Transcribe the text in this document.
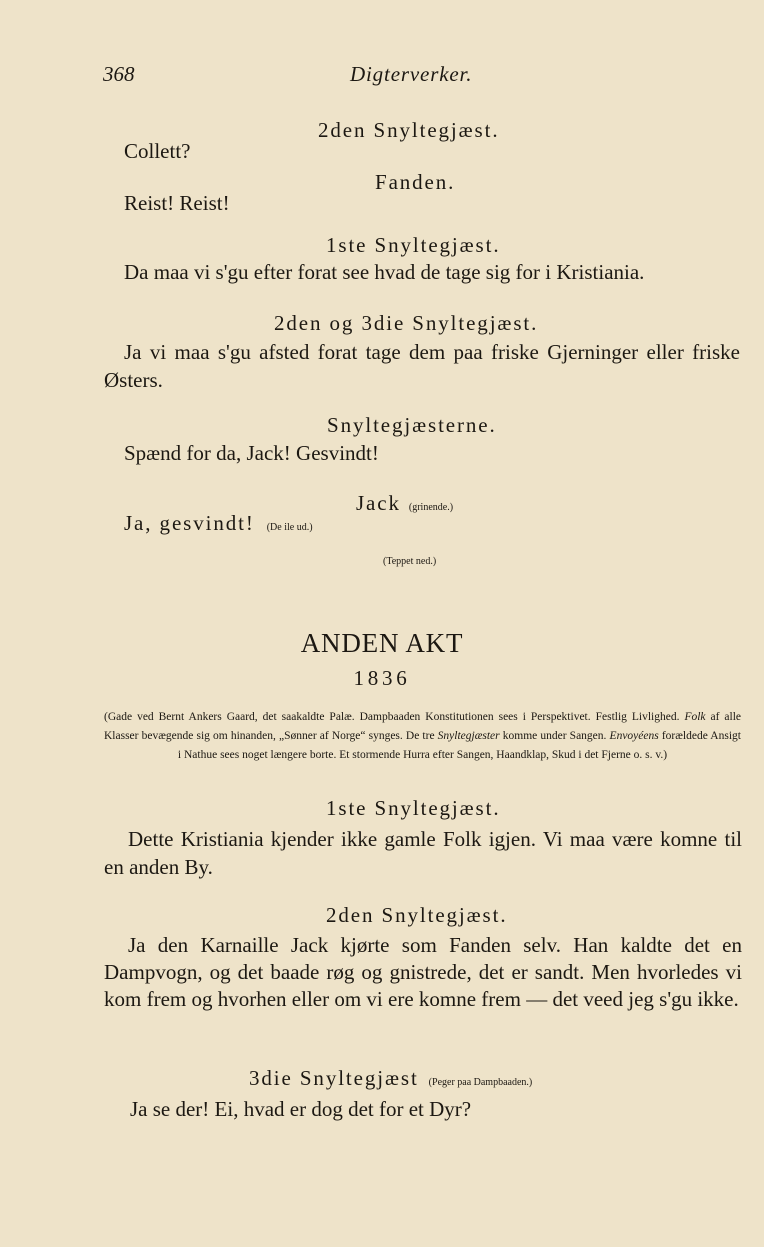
368	Digterverker.
2den Snyltegjæst.
Collett?
Fanden.
Reist! Reist!
1ste Snyltegjæst.
Da maa vi s'gu efter forat see hvad de tage sig for i Kristiania.
2den og 3die Snyltegjæst.
Ja vi maa s'gu afsted forat tage dem paa friske Gjerninger eller friske Østers.
Snyltegjæsterne.
Spænd for da, Jack! Gesvindt!
Jack (grinende.)
Ja, gesvindt! (De ile ud.)
(Teppet ned.)
ANDEN AKT
1836
(Gade ved Bernt Ankers Gaard, det saakaldte Palæ. Dampbaaden Konstitutionen sees i Perspektivet. Festlig Livlighed. Folk af alle Klasser bevægende sig om hinanden, „Sønner af Norge“ synges. De tre Snyltegjæster komme under Sangen. Envoyéens forældede Ansigt i Nathue sees noget længere borte. Et stormende Hurra efter Sangen, Haandklap, Skud i det Fjerne o. s. v.)
1ste Snyltegjæst.
Dette Kristiania kjender ikke gamle Folk igjen. Vi maa være komne til en anden By.
2den Snyltegjæst.
Ja den Karnaille Jack kjørte som Fanden selv. Han kaldte det en Dampvogn, og det baade røg og gnistrede, det er sandt. Men hvorledes vi kom frem og hvorhen eller om vi ere komne frem — det veed jeg s'gu ikke.
3die Snyltegjæst (Peger paa Dampbaaden.)
Ja se der! Ei, hvad er dog det for et Dyr?
